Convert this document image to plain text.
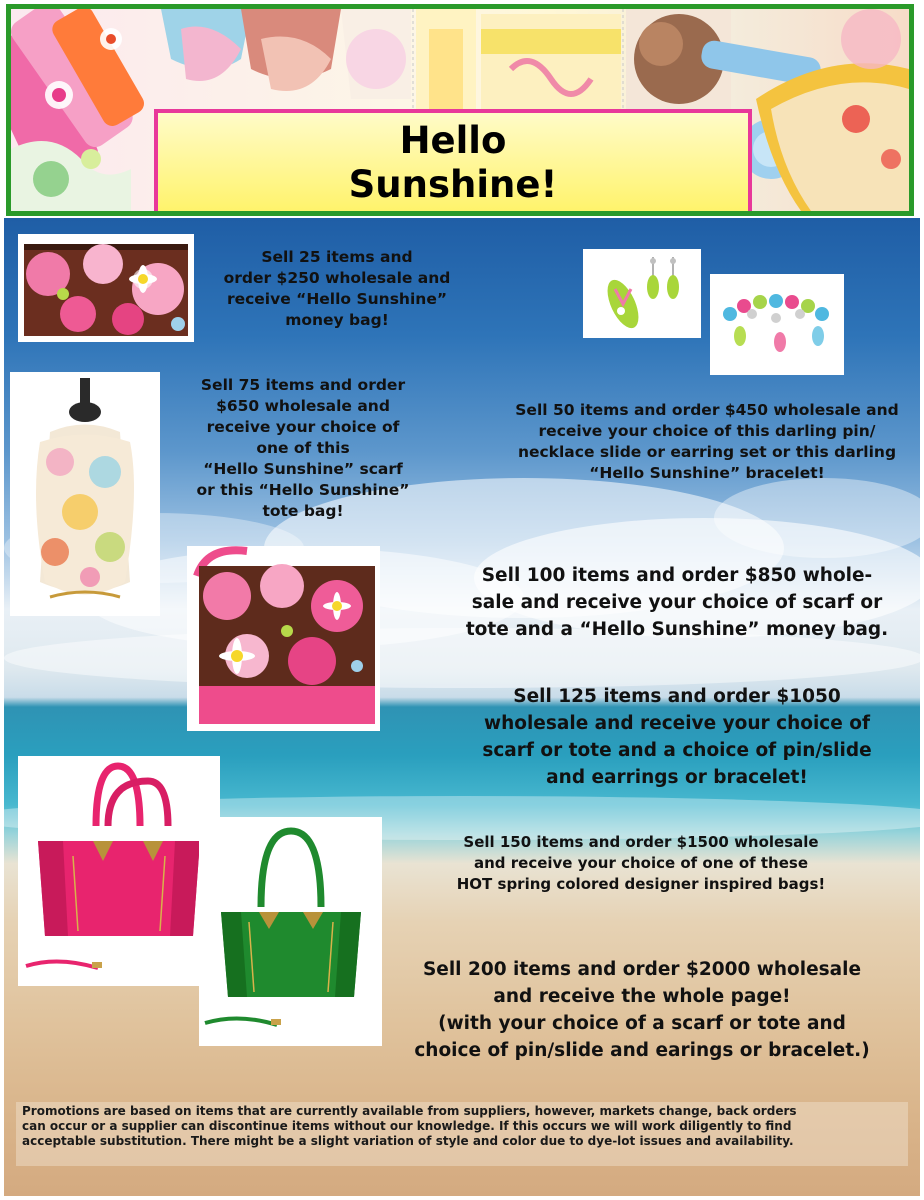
Hello
Sunshine!
Sell 25 items and
order $250 wholesale and
receive “Hello Sunshine”
money bag!
Sell 50 items and order $450 wholesale and
receive your choice of this darling pin/
necklace slide or earring set or this darling
“Hello Sunshine” bracelet!
Sell 75 items and order
$650 wholesale and
receive your choice of
one of this
“Hello Sunshine” scarf
or this “Hello Sunshine”
tote bag!
Sell 100 items and order $850 whole-
sale and receive your choice of scarf or
tote and a “Hello Sunshine” money bag.
Sell 125 items and order $1050
wholesale and receive your choice of
scarf or tote and a choice of pin/slide
and earrings or bracelet!
Sell 150 items and order $1500 wholesale
and receive your choice of one of these
HOT spring colored designer inspired bags!
Sell 200 items and order $2000 wholesale
and receive the whole page!
(with your choice of a scarf or tote and
choice of pin/slide and earings or bracelet.)
Promotions are based on items that are currently available from suppliers, however, markets change, back orders
can occur or a supplier can discontinue items without our knowledge. If this occurs we will work diligently to find
acceptable substitution. There might be a slight variation of style and color due to dye-lot issues and availability.
